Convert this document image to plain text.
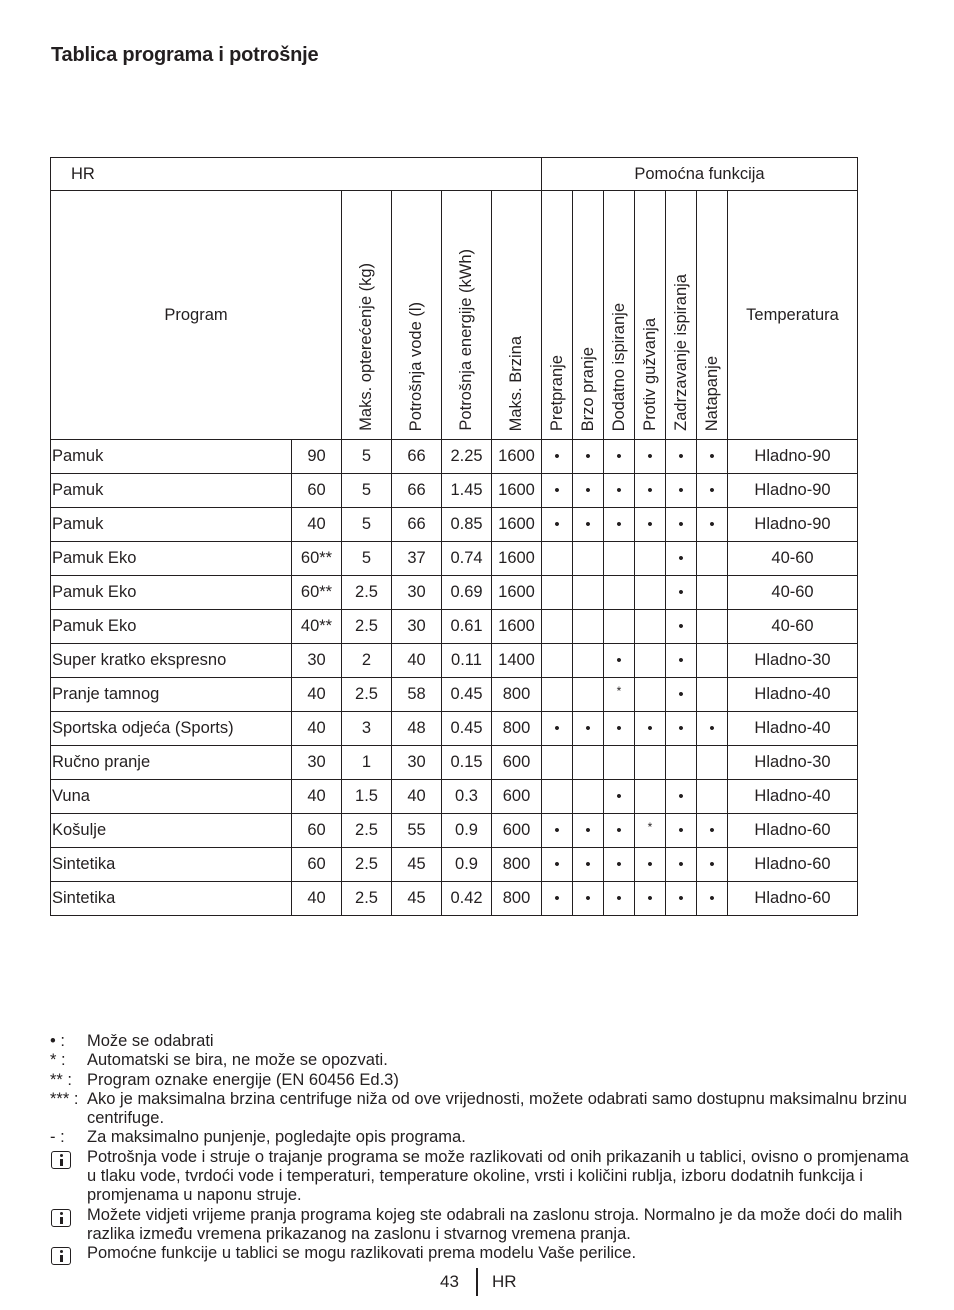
Tablica programa i potrošnje
HR						Pomoćna funkcija						
Program		Maks. opterećenje (kg)	Potrošnja vode (l)	Potrošnja energije (kWh)	Maks. Brzina	Pretpranje	Brzo pranje	Dodatno ispiranje	Protiv gužvanja	Zadrzavanje ispiranja	Natapanje	Temperatura
Pamuk	90	5	66	2.25	1600	•	•	•	•	•	•	Hladno-90
Pamuk	60	5	66	1.45	1600	•	•	•	•	•	•	Hladno-90
Pamuk	40	5	66	0.85	1600	•	•	•	•	•	•	Hladno-90
Pamuk Eko	60**	5	37	0.74	1600					•		40-60
Pamuk Eko	60**	2.5	30	0.69	1600					•		40-60
Pamuk Eko	40**	2.5	30	0.61	1600					•		40-60
Super kratko ekspresno	30	2	40	0.11	1400			•		•		Hladno-30
Pranje tamnog	40	2.5	58	0.45	800			*		•		Hladno-40
Sportska odjeća (Sports)	40	3	48	0.45	800	•	•	•	•	•	•	Hladno-40
Ručno pranje	30	1	30	0.15	600							Hladno-30
Vuna	40	1.5	40	0.3	600			•		•		Hladno-40
Košulje	60	2.5	55	0.9	600	•	•	•	*	•	•	Hladno-60
Sintetika	60	2.5	45	0.9	800	•	•	•	•	•	•	Hladno-60
Sintetika	40	2.5	45	0.42	800	•	•	•	•	•	•	Hladno-60
• :	Može se odabrati
* :	Automatski se bira, ne može se opozvati.
** : Program oznake energije (EN 60456 Ed.3)
*** : Ako je maksimalna brzina centrifuge niža od ove vrijednosti, možete odabrati samo dostupnu maksimalnu brzinu centrifuge.
- :	Za maksimalno punjenje, pogledajte opis programa.
Potrošnja vode i struje o trajanje programa se može razlikovati od onih prikazanih u tablici, ovisno o promjenama u tlaku vode, tvrdoći vode i temperaturi, temperature okoline, vrsti i količini rublja, izboru dodatnih funkcija i promjenama u naponu struje.
Možete vidjeti vrijeme pranja programa kojeg ste odabrali na zaslonu stroja. Normalno je da može doći do malih razlika između vremena prikazanog na zaslonu i stvarnog vremena pranja.
Pomoćne funkcije u tablici se mogu razlikovati prema modelu Vaše perilice.
43 HR
